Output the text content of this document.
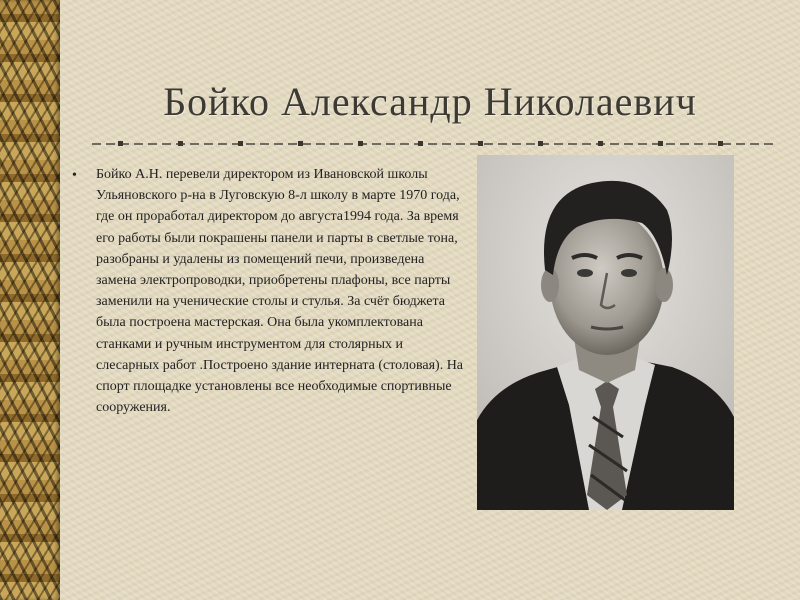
Бойко Александр Николаевич
• Бойко А.Н. перевели директором из Ивановской школы Ульяновского р-на в Луговскую 8-л школу в марте 1970 года, где он проработал директором до августа1994 года. За время его работы были покрашены панели и парты в светлые тона, разобраны и удалены из помещений печи, произведена замена электропроводки, приобретены плафоны, все парты заменили на ученические столы и стулья. За счёт бюджета была построена мастерская. Она была укомплектована станками и ручным инструментом для столярных и слесарных работ .Построено здание интерната (столовая). На спорт площадке установлены все необходимые спортивные сооружения.
